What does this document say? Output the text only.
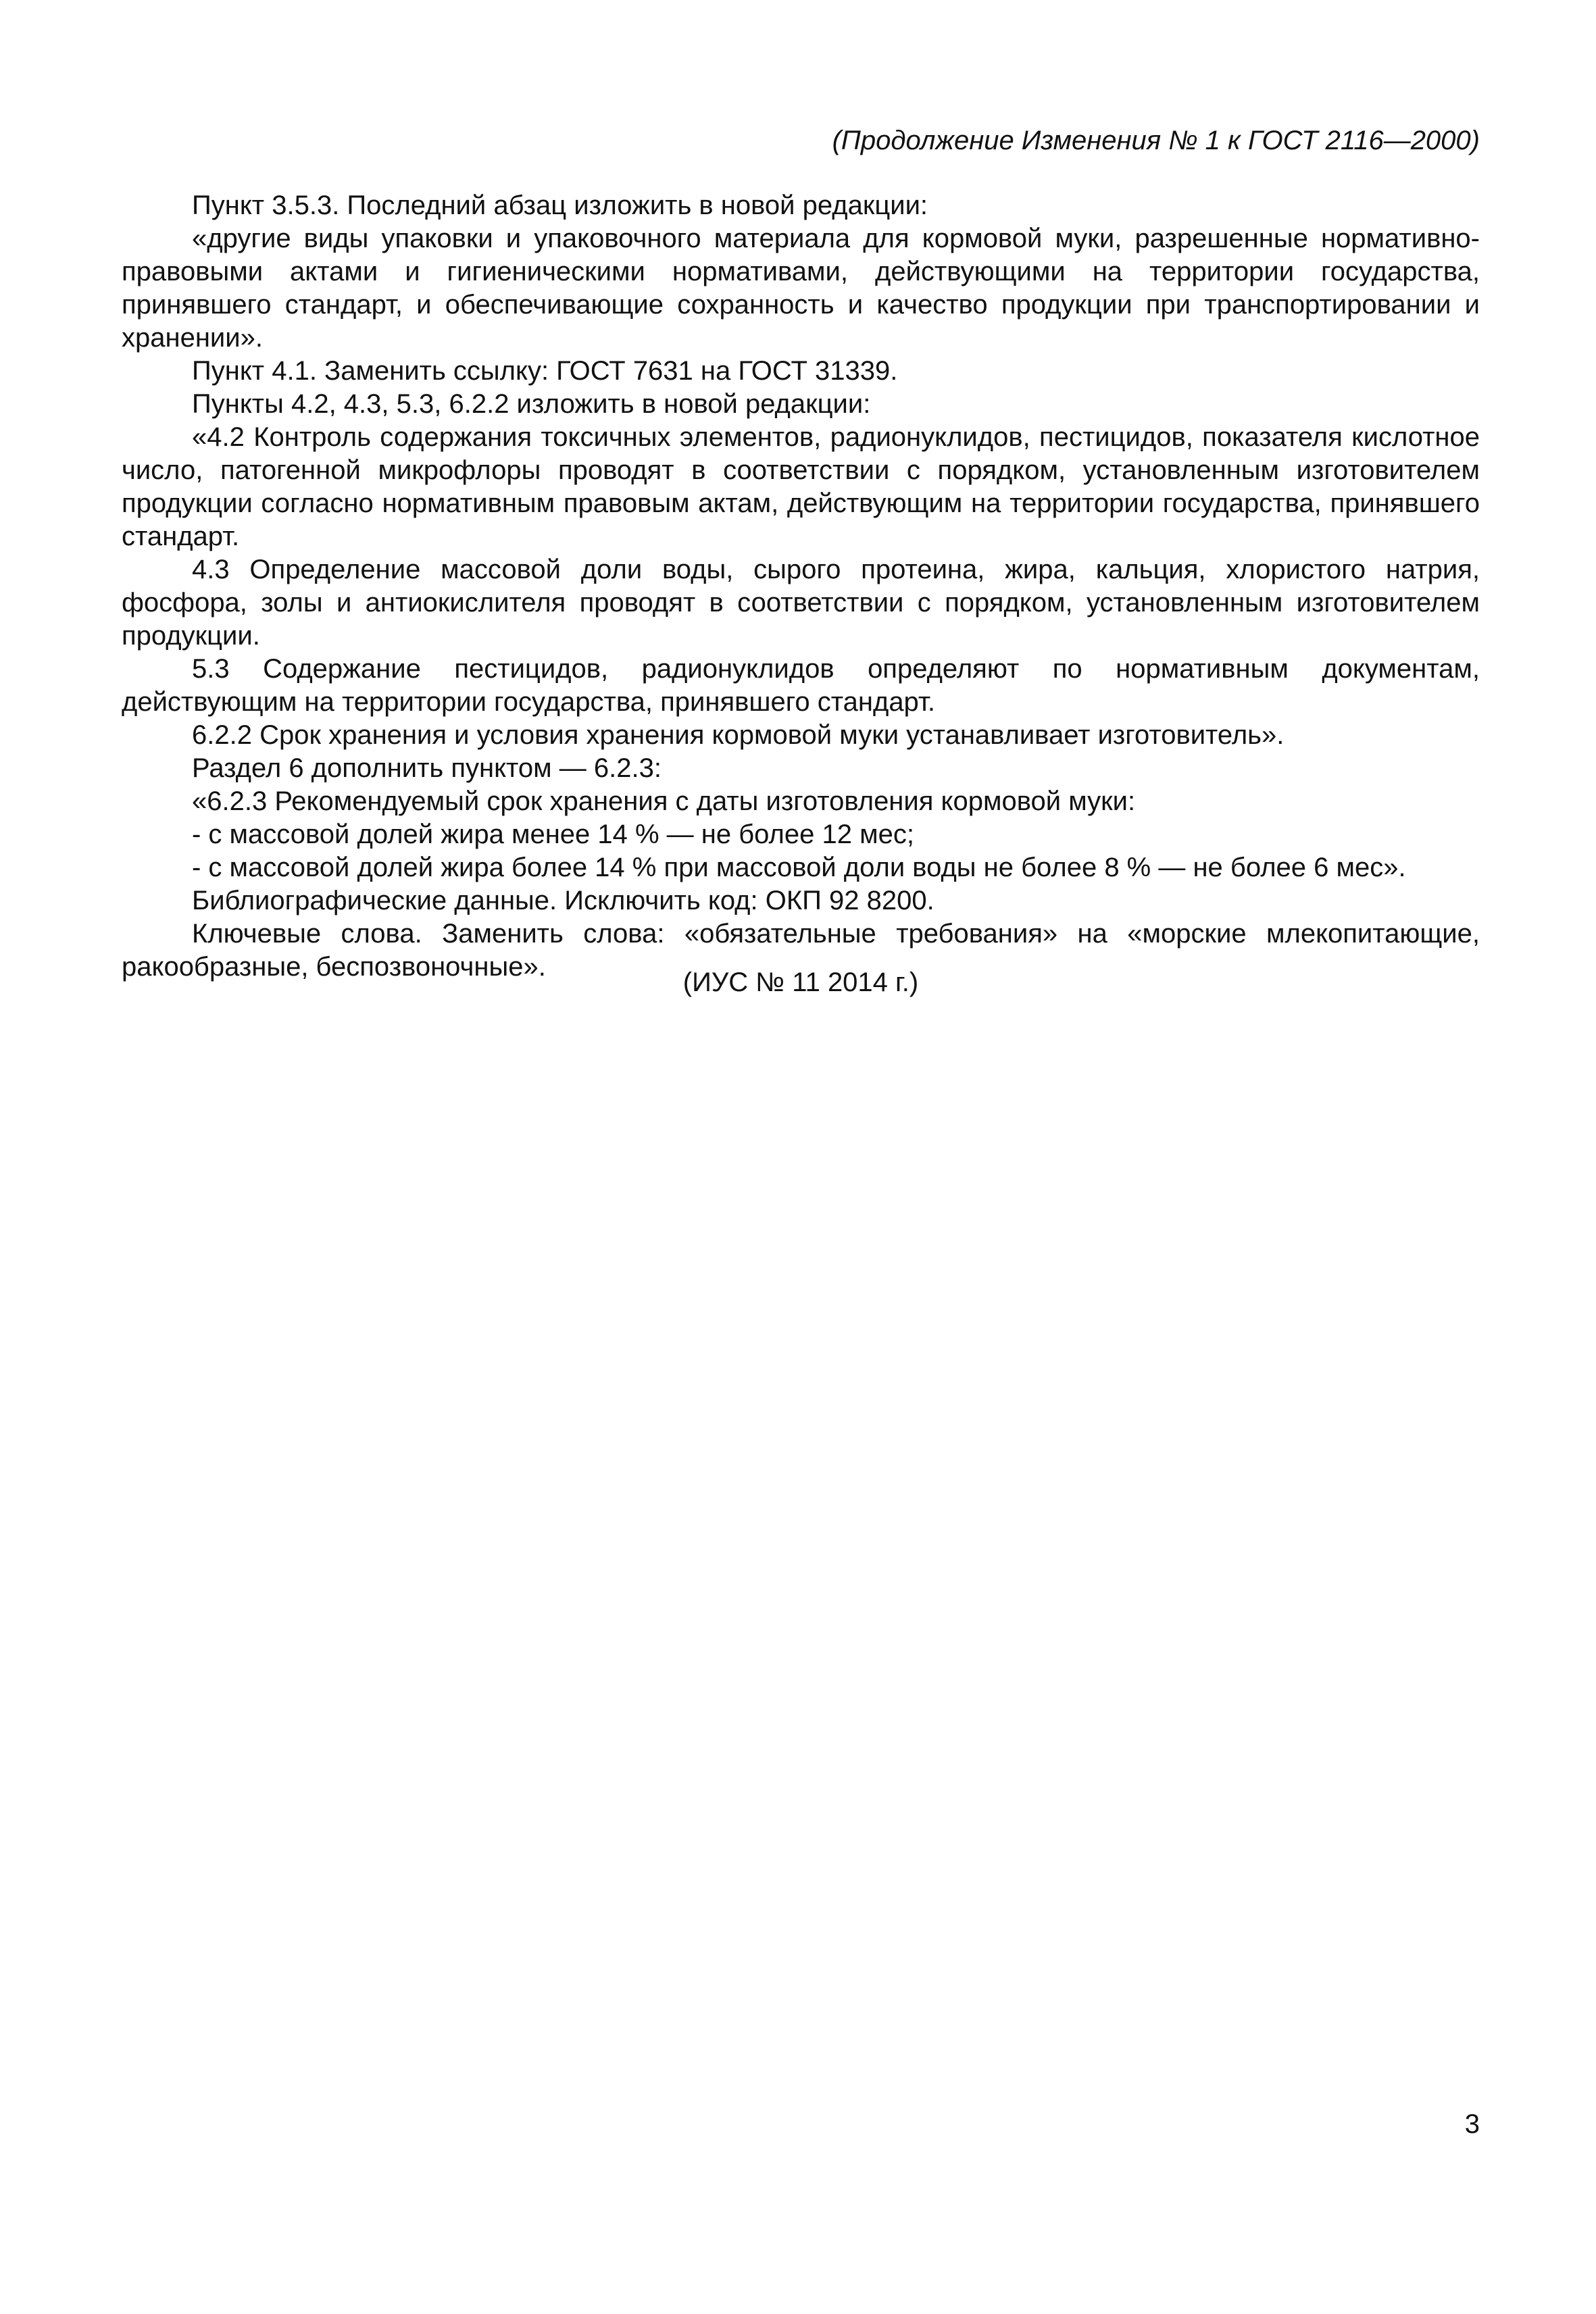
(Продолжение Изменения № 1 к ГОСТ 2116—2000)

Пункт 3.5.3. Последний абзац изложить в новой редакции:

«другие виды упаковки и упаковочного материала для кормовой муки, разрешенные нормативно-правовыми актами и гигиеническими нормативами, действующими на территории государства, принявшего стандарт, и обеспечивающие сохранность и качество продукции при транспортировании и хранении».

Пункт 4.1. Заменить ссылку: ГОСТ 7631 на ГОСТ 31339.

Пункты 4.2, 4.3, 5.3, 6.2.2 изложить в новой редакции:

«4.2 Контроль содержания токсичных элементов, радионуклидов, пестицидов, показателя кислотное число, патогенной микрофлоры проводят в соответствии с порядком, установленным изготовителем продукции согласно нормативным правовым актам, действующим на территории государства, принявшего стандарт.

4.3 Определение массовой доли воды, сырого протеина, жира, кальция, хлористого натрия, фосфора, золы и антиокислителя проводят в соответствии с порядком, установленным изготовителем продукции.

5.3 Содержание пестицидов, радионуклидов определяют по нормативным документам, действующим на территории государства, принявшего стандарт.

6.2.2 Срок хранения и условия хранения кормовой муки устанавливает изготовитель».

Раздел 6 дополнить пунктом — 6.2.3:

«6.2.3 Рекомендуемый срок хранения с даты изготовления кормовой муки:

- с массовой долей жира менее 14 % — не более 12 мес;

- с массовой долей жира более 14 % при массовой доли воды не более 8 % — не более 6 мес».

Библиографические данные. Исключить код: ОКП 92 8200.

Ключевые слова. Заменить слова: «обязательные требования» на «морские млекопитающие, ракообразные, беспозвоночные».

(ИУС № 11 2014 г.)
3
